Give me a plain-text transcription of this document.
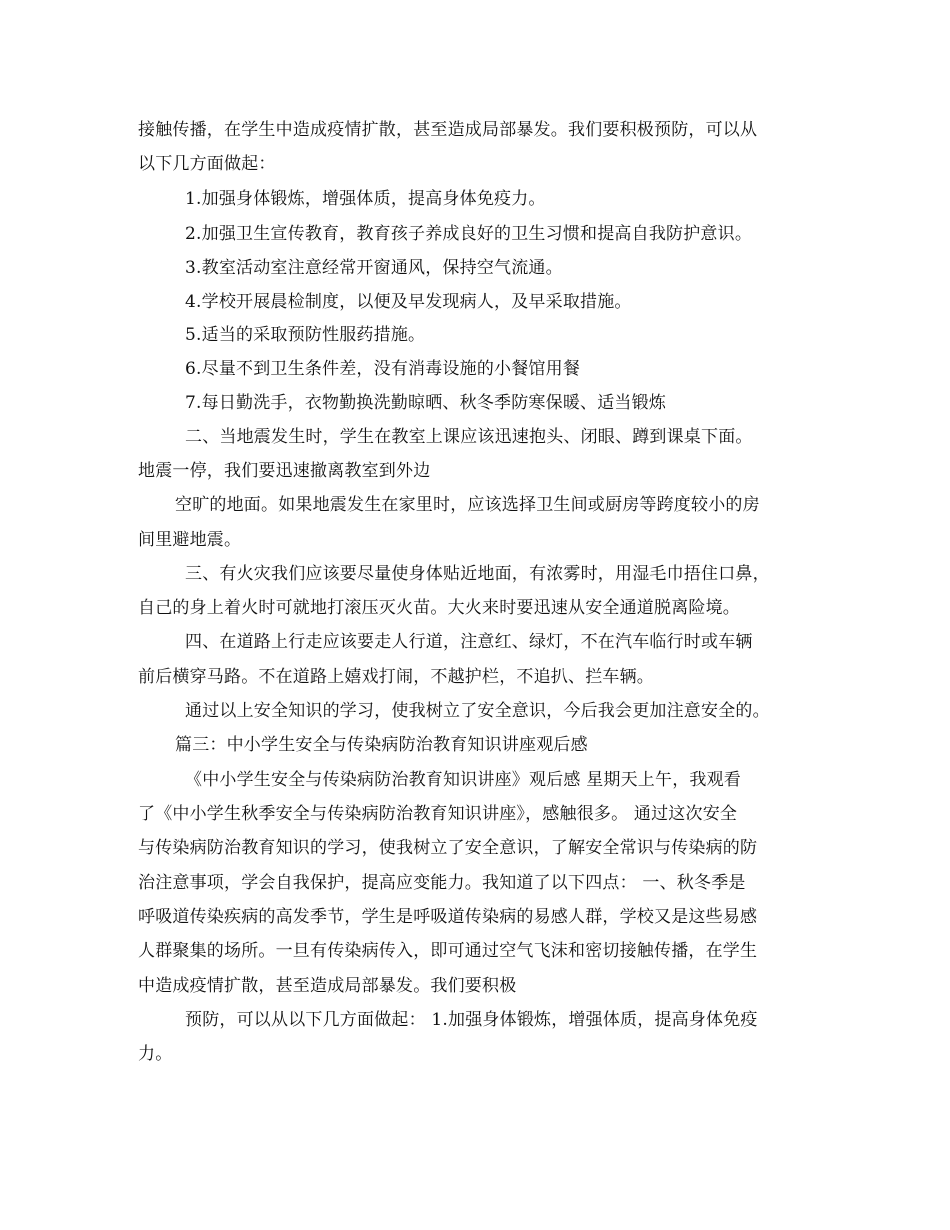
接触传播，在学生中造成疫情扩散，甚至造成局部暴发。我们要积极预防，可以从
以下几方面做起：
1.加强身体锻炼，增强体质，提高身体免疫力。
2.加强卫生宣传教育，教育孩子养成良好的卫生习惯和提高自我防护意识。
3.教室活动室注意经常开窗通风，保持空气流通。
4.学校开展晨检制度，以便及早发现病人，及早采取措施。
5.适当的采取预防性服药措施。
6.尽量不到卫生条件差，没有消毒设施的小餐馆用餐
7.每日勤洗手，衣物勤换洗勤晾晒、秋冬季防寒保暖、适当锻炼
二、当地震发生时，学生在教室上课应该迅速抱头、闭眼、蹲到课桌下面。
地震一停，我们要迅速撤离教室到外边
空旷的地面。如果地震发生在家里时，应该选择卫生间或厨房等跨度较小的房
间里避地震。
三、有火灾我们应该要尽量使身体贴近地面，有浓雾时，用湿毛巾捂住口鼻，
自己的身上着火时可就地打滚压灭火苗。大火来时要迅速从安全通道脱离险境。
四、在道路上行走应该要走人行道，注意红、绿灯，不在汽车临行时或车辆
前后横穿马路。不在道路上嬉戏打闹，不越护栏，不追扒、拦车辆。
通过以上安全知识的学习，使我树立了安全意识，今后我会更加注意安全的。
篇三：中小学生安全与传染病防治教育知识讲座观后感
《中小学生安全与传染病防治教育知识讲座》观后感 星期天上午，我观看
了《中小学生秋季安全与传染病防治教育知识讲座》，感触很多。 通过这次安全
与传染病防治教育知识的学习，使我树立了安全意识，了解安全常识与传染病的防
治注意事项，学会自我保护，提高应变能力。我知道了以下四点： 一、秋冬季是
呼吸道传染疾病的高发季节，学生是呼吸道传染病的易感人群，学校又是这些易感
人群聚集的场所。一旦有传染病传入，即可通过空气飞沫和密切接触传播，在学生
中造成疫情扩散，甚至造成局部暴发。我们要积极
预防，可以从以下几方面做起： 1.加强身体锻炼，增强体质，提高身体免疫
力。
